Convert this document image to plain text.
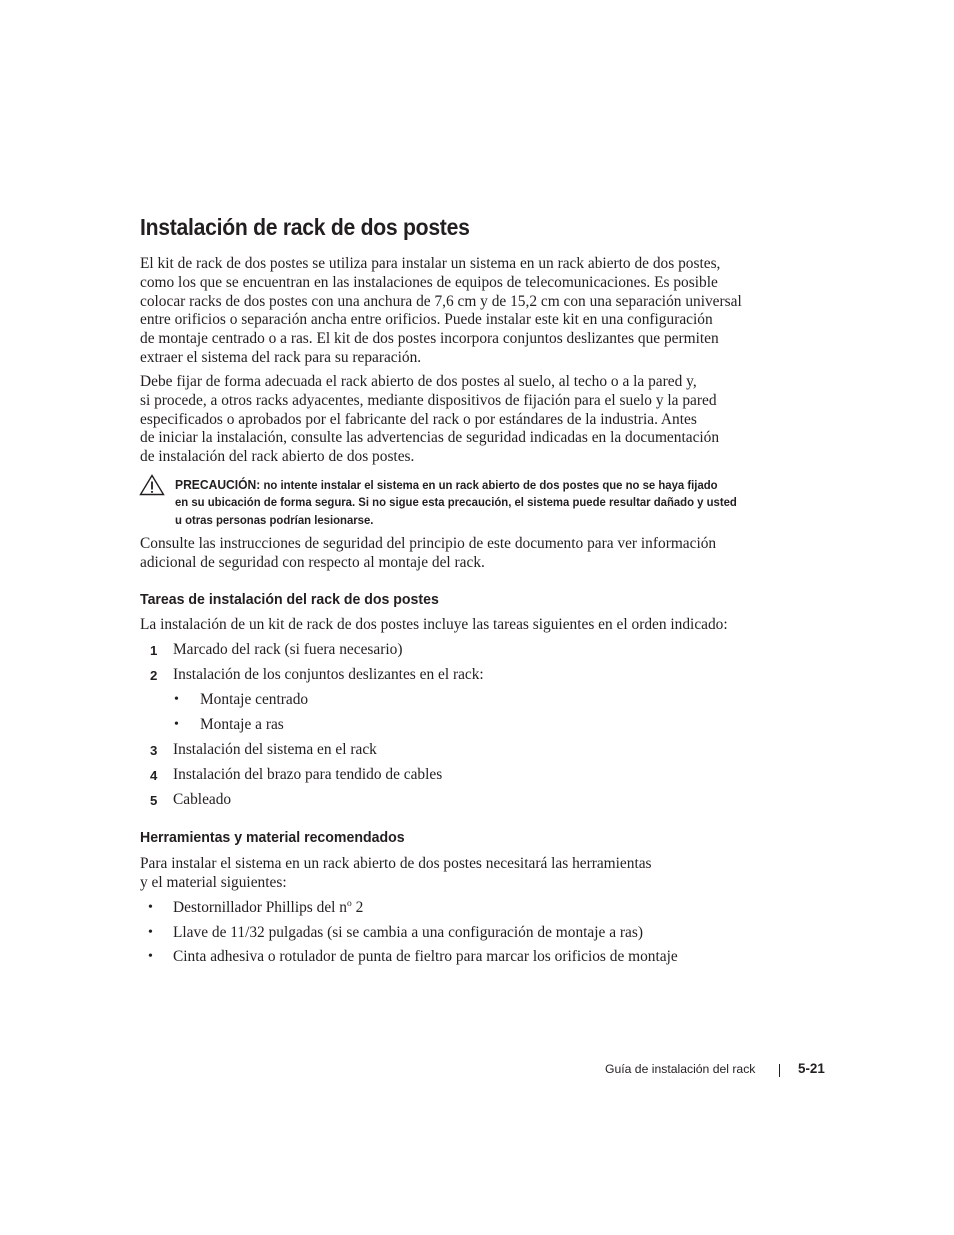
Instalación de rack de dos postes
El kit de rack de dos postes se utiliza para instalar un sistema en un rack abierto de dos postes,
como los que se encuentran en las instalaciones de equipos de telecomunicaciones. Es posible
colocar racks de dos postes con una anchura de 7,6 cm y de 15,2 cm con una separación universal
entre orificios o separación ancha entre orificios. Puede instalar este kit en una configuración
de montaje centrado o a ras. El kit de dos postes incorpora conjuntos deslizantes que permiten
extraer el sistema del rack para su reparación.
Debe fijar de forma adecuada el rack abierto de dos postes al suelo, al techo o a la pared y,
si procede, a otros racks adyacentes, mediante dispositivos de fijación para el suelo y la pared
especificados o aprobados por el fabricante del rack o por estándares de la industria. Antes
de iniciar la instalación, consulte las advertencias de seguridad indicadas en la documentación
de instalación del rack abierto de dos postes.
PRECAUCIÓN: no intente instalar el sistema en un rack abierto de dos postes que no se haya fijado
en su ubicación de forma segura. Si no sigue esta precaución, el sistema puede resultar dañado y usted
u otras personas podrían lesionarse.
Consulte las instrucciones de seguridad del principio de este documento para ver información
adicional de seguridad con respecto al montaje del rack.
Tareas de instalación del rack de dos postes
La instalación de un kit de rack de dos postes incluye las tareas siguientes en el orden indicado:
1 Marcado del rack (si fuera necesario)
2 Instalación de los conjuntos deslizantes en el rack:
• Montaje centrado
• Montaje a ras
3 Instalación del sistema en el rack
4 Instalación del brazo para tendido de cables
5 Cableado
Herramientas y material recomendados
Para instalar el sistema en un rack abierto de dos postes necesitará las herramientas
y el material siguientes:
• Destornillador Phillips del $n^o$ 2
• Llave de 11/32 pulgadas (si se cambia a una configuración de montaje a ras)
• Cinta adhesiva o rotulador de punta de fieltro para marcar los orificios de montaje
Guía de instalación del rack	5-21
